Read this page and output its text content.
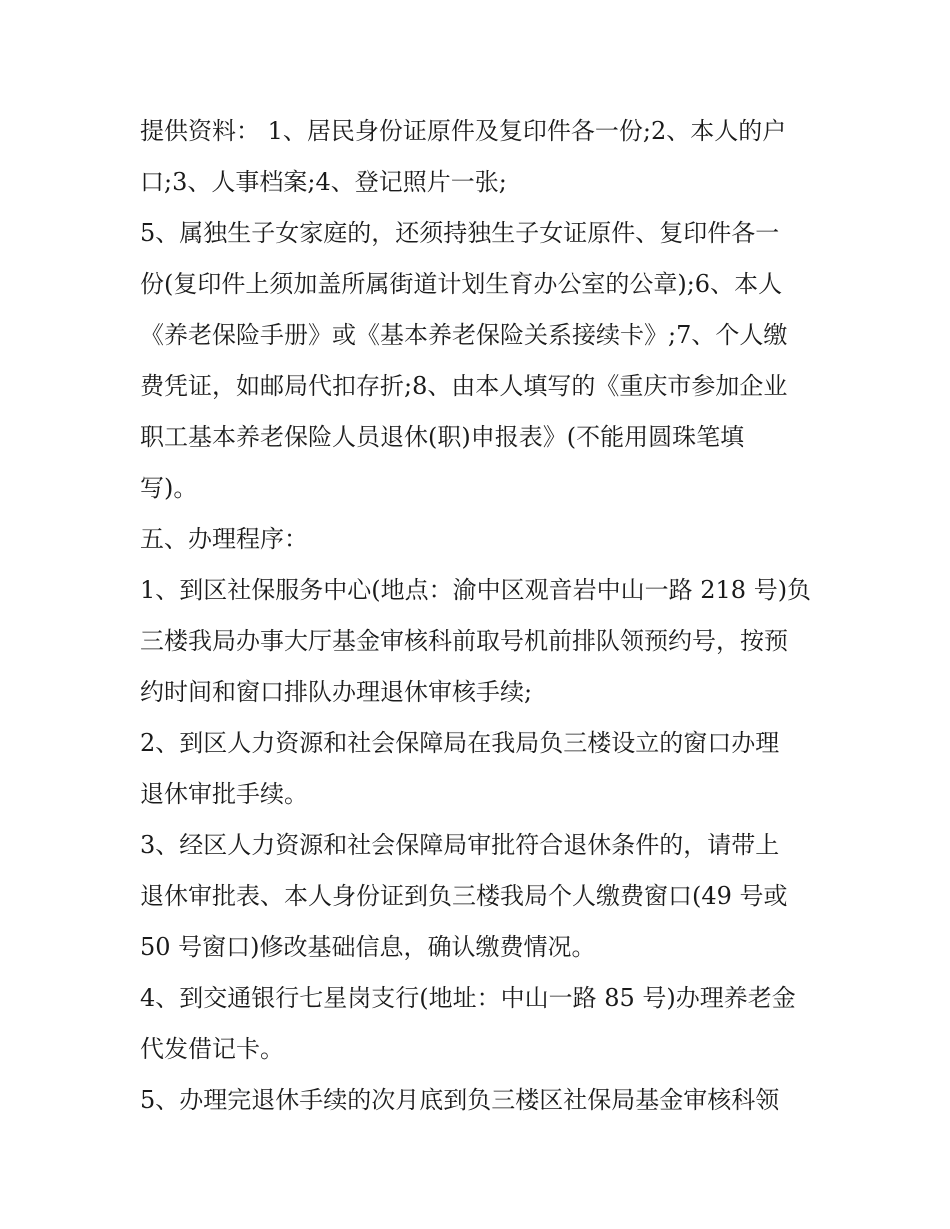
提供资料： 1、居民身份证原件及复印件各一份;2、本人的户
口;3、人事档案;4、登记照片一张;
5、属独生子女家庭的，还须持独生子女证原件、复印件各一
份(复印件上须加盖所属街道计划生育办公室的公章);6、本人
《养老保险手册》或《基本养老保险关系接续卡》;7、个人缴
费凭证，如邮局代扣存折;8、由本人填写的《重庆市参加企业
职工基本养老保险人员退休(职)申报表》(不能用圆珠笔填
写)。
五、办理程序：
1、到区社保服务中心(地点：渝中区观音岩中山一路 218 号)负
三楼我局办事大厅基金审核科前取号机前排队领预约号，按预
约时间和窗口排队办理退休审核手续;
2、到区人力资源和社会保障局在我局负三楼设立的窗口办理
退休审批手续。
3、经区人力资源和社会保障局审批符合退休条件的，请带上
退休审批表、本人身份证到负三楼我局个人缴费窗口(49 号或
50 号窗口)修改基础信息，确认缴费情况。
4、到交通银行七星岗支行(地址：中山一路 85 号)办理养老金
代发借记卡。
5、办理完退休手续的次月底到负三楼区社保局基金审核科领
